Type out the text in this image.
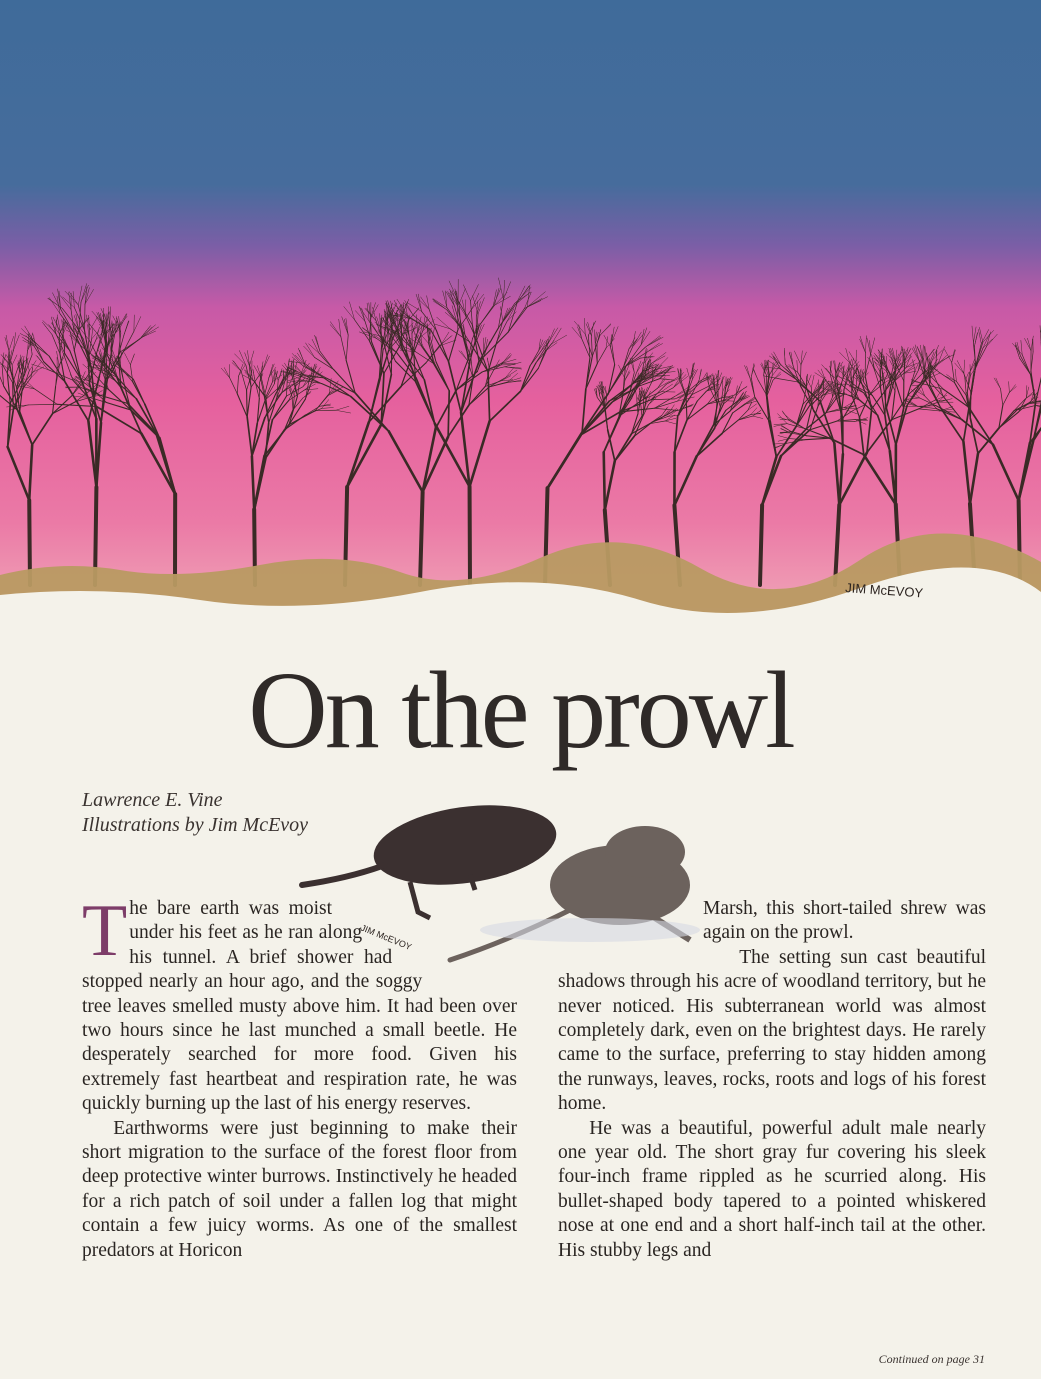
JIM McEVOY
On the prowl
Lawrence E. Vine
Illustrations by Jim McEvoy
JIM McEVOY
T he bare earth was moist under his feet as he ran along his tunnel. A brief shower had stopped nearly an hour ago, and the soggy tree leaves smelled musty above him. It had been over two hours since he last munched a small beetle. He desperately searched for more food. Given his extremely fast heartbeat and respiration rate, he was quickly burning up the last of his energy reserves.

Earthworms were just beginning to make their short migration to the surface of the forest floor from deep protective winter burrows. Instinctively he headed for a rich patch of soil under a fallen log that might contain a few juicy worms. As one of the smallest predators at Horicon

Marsh, this short-tailed shrew was again on the prowl.

The setting sun cast beautiful shadows through his acre of woodland territory, but he never noticed. His subterranean world was almost completely dark, even on the brightest days. He rarely came to the surface, preferring to stay hidden among the runways, leaves, rocks, roots and logs of his forest home.

He was a beautiful, powerful adult male nearly one year old. The short gray fur covering his sleek four-inch frame rippled as he scurried along. His bullet-shaped body tapered to a pointed whiskered nose at one end and a short half-inch tail at the other. His stubby legs and

Continued on page 31
